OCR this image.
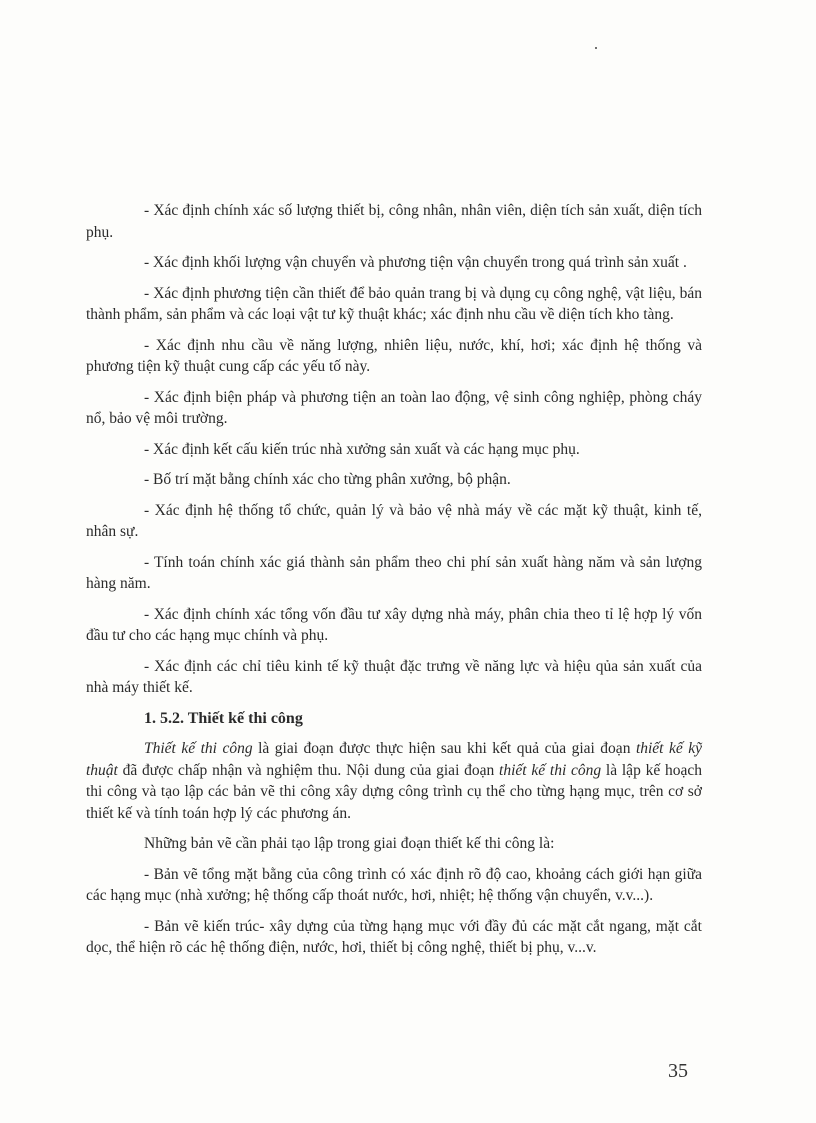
- Xác định chính xác số lượng thiết bị, công nhân, nhân viên, diện tích sản xuất, diện tích phụ.

- Xác định khối lượng vận chuyển và phương tiện vận chuyển trong quá trình sản xuất .

- Xác định phương tiện cần thiết để bảo quản trang bị và dụng cụ công nghệ, vật liệu, bán thành phẩm, sản phẩm và các loại vật tư kỹ thuật khác; xác định nhu cầu về diện tích kho tàng.

- Xác định nhu cầu về năng lượng, nhiên liệu, nước, khí, hơi; xác định hệ thống và phương tiện kỹ thuật cung cấp các yếu tố này.

- Xác định biện pháp và phương tiện an toàn lao động, vệ sinh công nghiệp, phòng cháy nổ, bảo vệ môi trường.

- Xác định kết cấu kiến trúc nhà xưởng sản xuất và các hạng mục phụ.

- Bố trí mặt bằng chính xác cho từng phân xưởng, bộ phận.

- Xác định hệ thống tổ chức, quản lý và bảo vệ nhà máy về các mặt kỹ thuật, kinh tế, nhân sự.

- Tính toán chính xác giá thành sản phẩm theo chi phí sản xuất hàng năm và sản lượng hàng năm.

- Xác định chính xác tổng vốn đầu tư xây dựng nhà máy, phân chia theo tỉ lệ hợp lý vốn đầu tư cho các hạng mục chính và phụ.

- Xác định các chỉ tiêu kinh tế kỹ thuật đặc trưng về năng lực và hiệu qủa sản xuất của nhà máy thiết kế.

1. 5.2. Thiết kế thi công

Thiết kế thi công là giai đoạn được thực hiện sau khi kết quả của giai đoạn thiết kế kỹ thuật đã được chấp nhận và nghiệm thu. Nội dung của giai đoạn thiết kế thi công là lập kế hoạch thi công và tạo lập các bản vẽ thi công xây dựng công trình cụ thể cho từng hạng mục, trên cơ sở thiết kế và tính toán hợp lý các phương án.

Những bản vẽ cần phải tạo lập trong giai đoạn thiết kế thi công là:

- Bản vẽ tổng mặt bằng của công trình có xác định rõ độ cao, khoảng cách giới hạn giữa các hạng mục (nhà xưởng; hệ thống cấp thoát nước, hơi, nhiệt; hệ thống vận chuyển, v.v...).

- Bản vẽ kiến trúc- xây dựng của từng hạng mục với đầy đủ các mặt cắt ngang, mặt cắt dọc, thể hiện rõ các hệ thống điện, nước, hơi, thiết bị công nghệ, thiết bị phụ, v...v.

35
